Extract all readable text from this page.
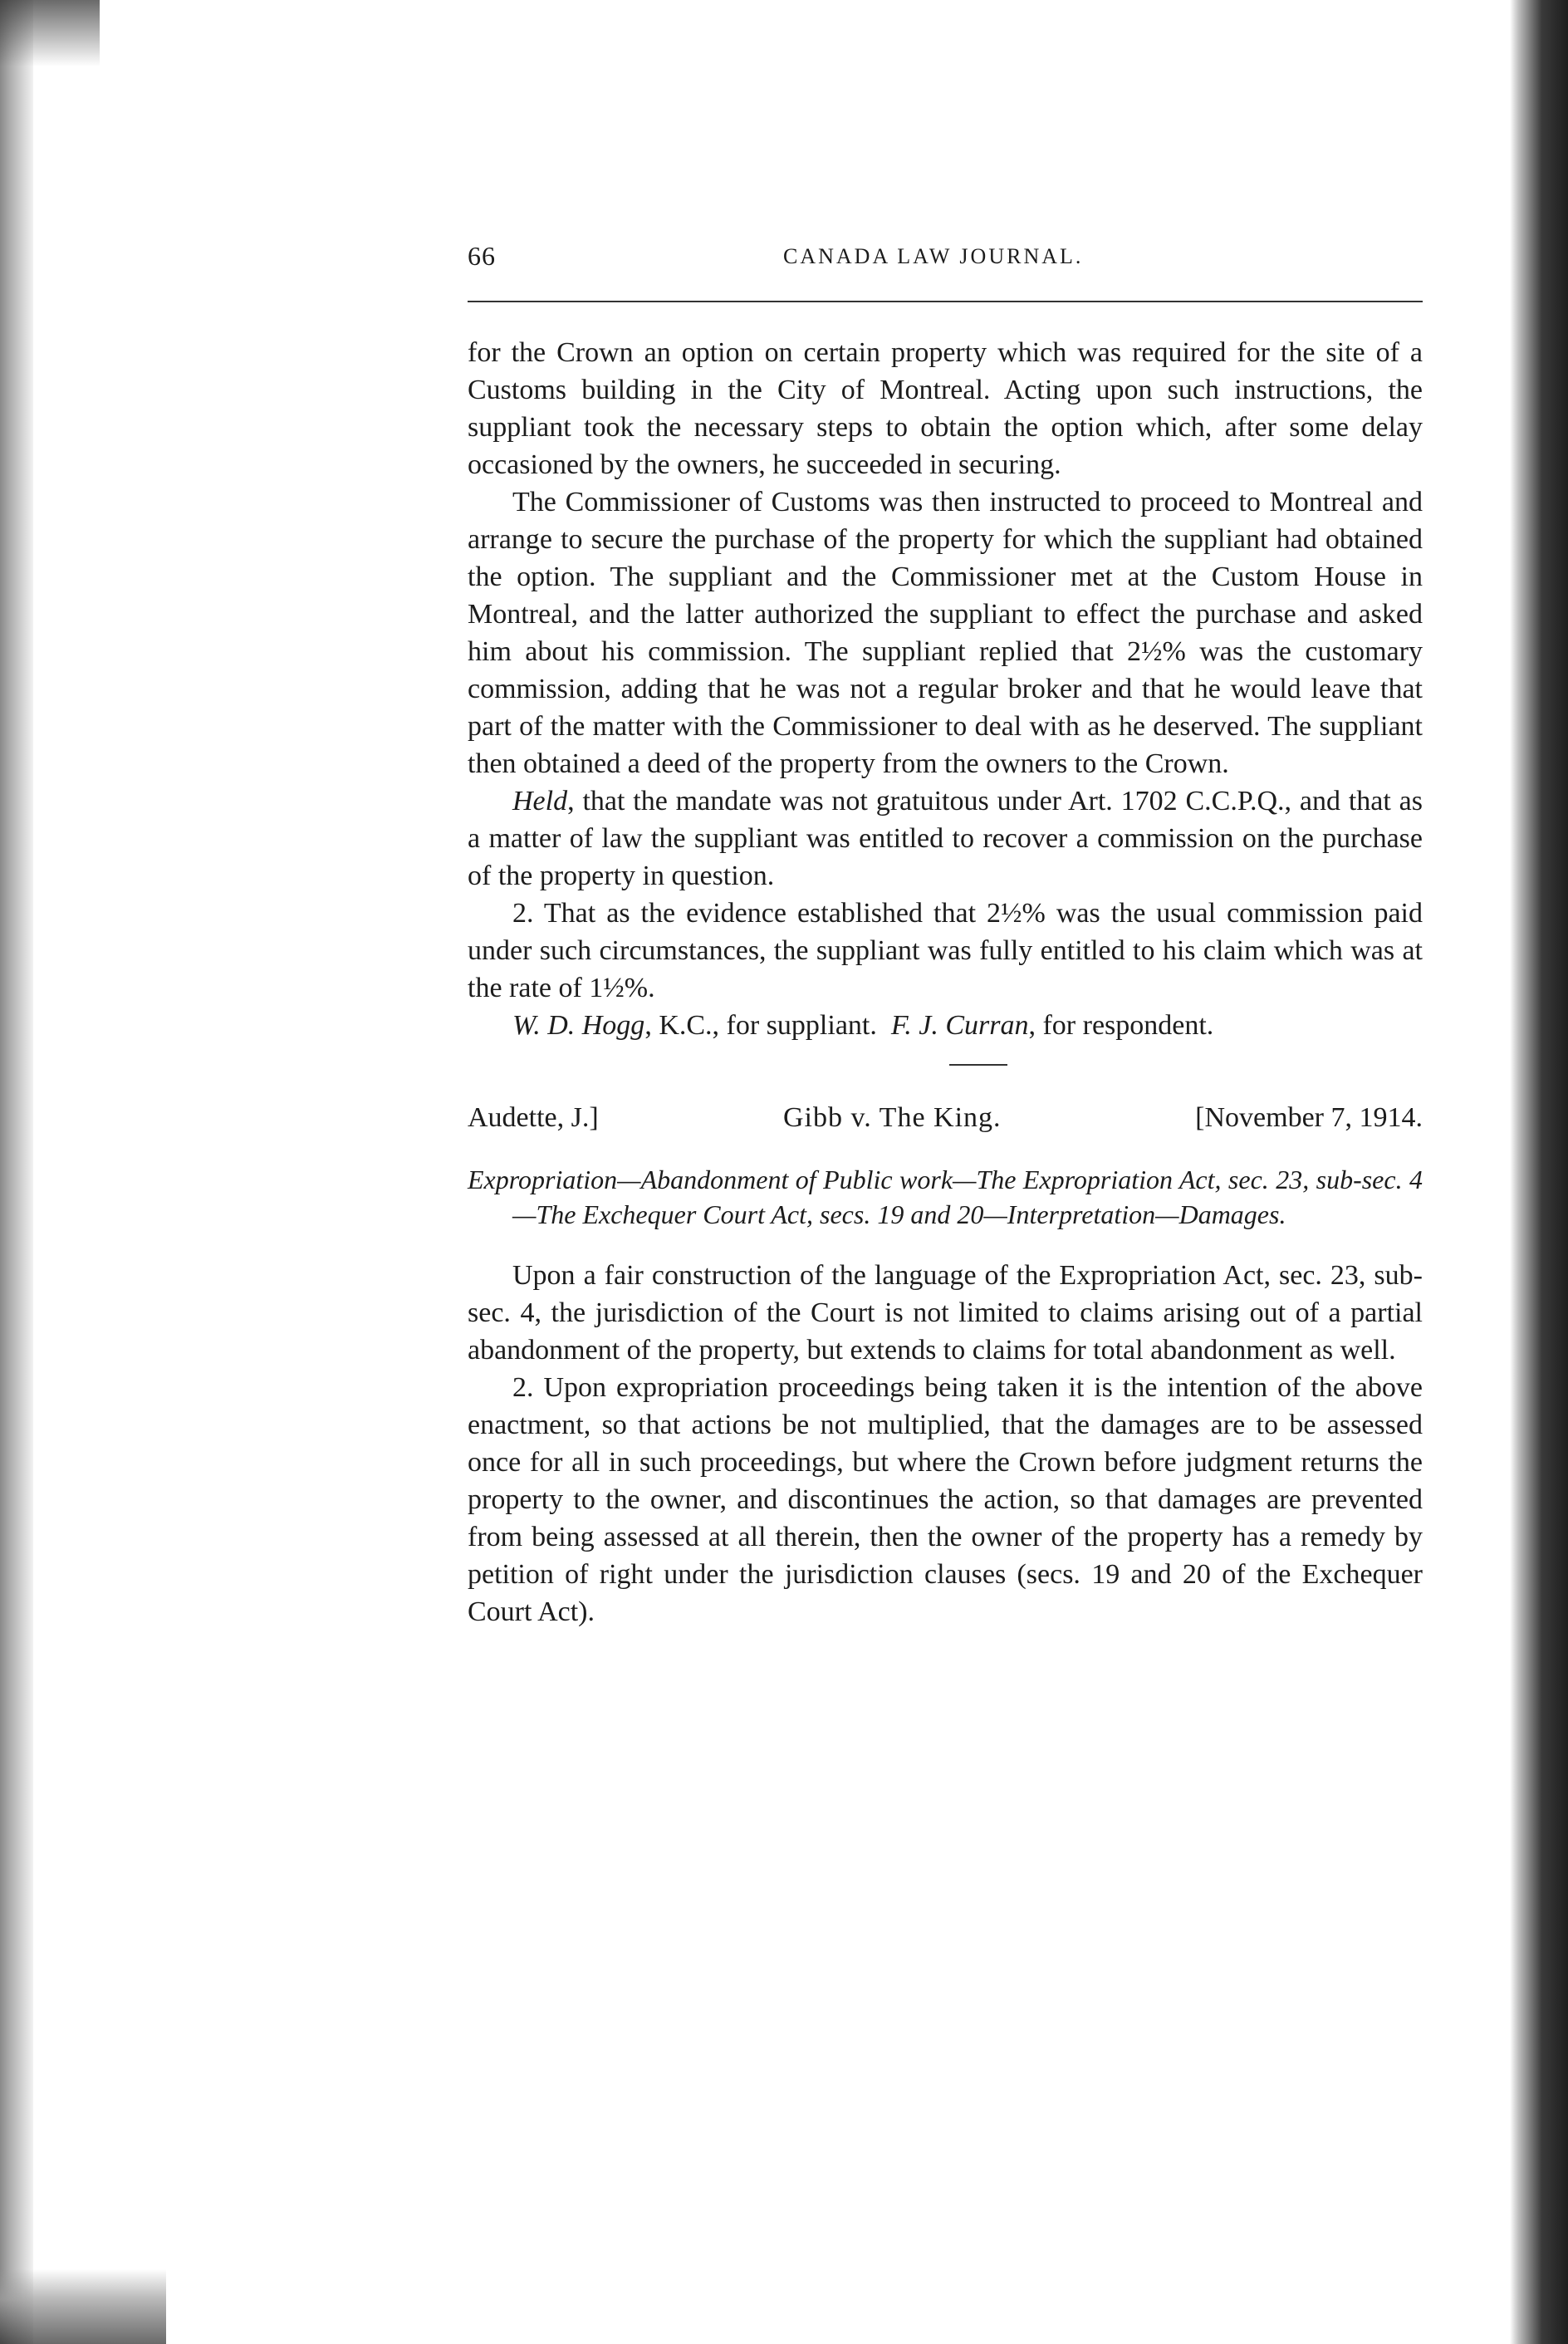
66	CANADA LAW JOURNAL.

for the Crown an option on certain property which was required for the site of a Customs building in the City of Montreal. Acting upon such instructions, the suppliant took the necessary steps to obtain the option which, after some delay occasioned by the owners, he succeeded in securing.

The Commissioner of Customs was then instructed to proceed to Montreal and arrange to secure the purchase of the property for which the suppliant had obtained the option. The suppliant and the Commissioner met at the Custom House in Montreal, and the latter authorized the suppliant to effect the purchase and asked him about his commission. The suppliant replied that 2½% was the customary commission, adding that he was not a regular broker and that he would leave that part of the matter with the Commissioner to deal with as he deserved. The suppliant then obtained a deed of the property from the owners to the Crown.

Held, that the mandate was not gratuitous under Art. 1702 C.C.P.Q., and that as a matter of law the suppliant was entitled to recover a commission on the purchase of the property in question.

2. That as the evidence established that 2½% was the usual commission paid under such circumstances, the suppliant was fully entitled to his claim which was at the rate of 1½%.

W. D. Hogg, K.C., for suppliant. F. J. Curran, for respondent.

Audette, J.]	Gibb v. The King.	[November 7, 1914.
Expropriation—Abandonment of Public work—The Expropriation Act, sec. 23, sub-sec. 4—The Exchequer Court Act, secs. 19 and 20—Interpretation—Damages.

Upon a fair construction of the language of the Expropriation Act, sec. 23, sub-sec. 4, the jurisdiction of the Court is not limited to claims arising out of a partial abandonment of the property, but extends to claims for total abandonment as well.

2. Upon expropriation proceedings being taken it is the intention of the above enactment, so that actions be not multiplied, that the damages are to be assessed once for all in such proceedings, but where the Crown before judgment returns the property to the owner, and discontinues the action, so that damages are prevented from being assessed at all therein, then the owner of the property has a remedy by petition of right under the jurisdiction clauses (secs. 19 and 20 of the Exchequer Court Act).
